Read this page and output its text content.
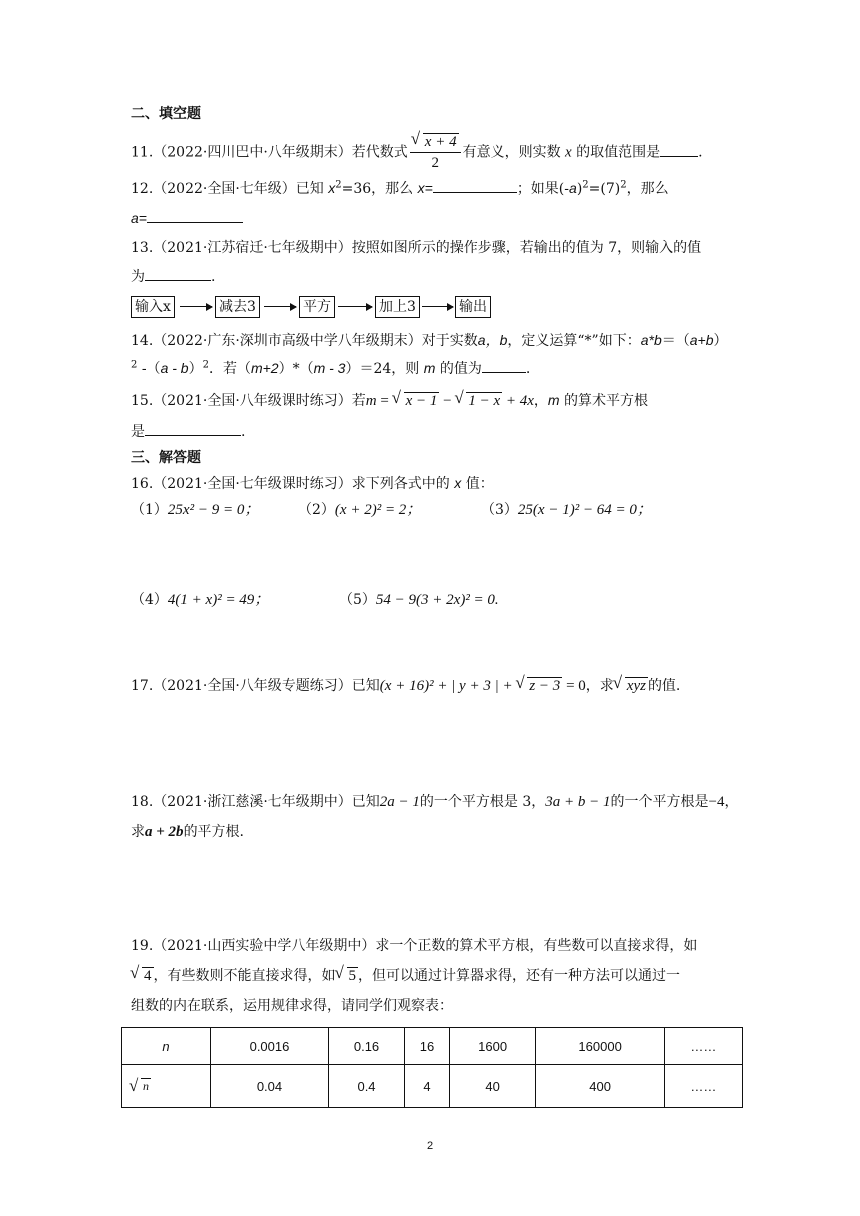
二、填空题
11.（2022·四川巴中·八年级期末）若代数式 √ $\frac{x + 4}{2}$ 有意义，则实数 x 的取值范围是	.
12.（2022·全国·七年级）已知 $x^2=36$，那么 x=	；如果$(-a)^2=(7)^2$，那么
a=
13.（2021·江苏宿迁·七年级期中）按照如图所示的操作步骤，若输出的值为 7，则输入的值
为	.
输入x	减去3	平方	加上3	输出
14.（2022·广东·深圳市高级中学八年级期末）对于实数a，b，定义运算“*”如下：a*b＝（a+b）
$^2$ -（a - b）$^2$．若（m+2）*（m - 3）＝24，则 m 的值为	.
15.（2021·全国·八年级课时练习）若m = √ x − 1 − √ 1 − x + 4x，m 的算术平方根
是	.
三、解答题
16.（2021·全国·七年级课时练习）求下列各式中的 x 值：
（1）25x² − 9 = 0；	（2）(x + 2)² = 2；	（3）25(x − 1)² − 64 = 0；
（4）4(1 + x)² = 49；	（5）54 − 9(3 + 2x)² = 0.
17.（2021·全国·八年级专题练习）已知(x + 16)² + | y + 3 | + √ z − 3 = 0，求 √ xyz 的值.
18.（2021·浙江慈溪·七年级期中）已知2a − 1的一个平方根是 3，3a + b − 1的一个平方根是−4，
求a + 2b的平方根.
19.（2021·山西实验中学八年级期中）求一个正数的算术平方根，有些数可以直接求得，如
√ 4 ，有些数则不能直接求得，如 √ 5 ，但可以通过计算器求得，还有一种方法可以通过一
组数的内在联系，运用规律求得，请同学们观察表：
n	0.0016	0.16	16	1600	160000	……
√ n	0.04	0.4	4	40	400	……
2
